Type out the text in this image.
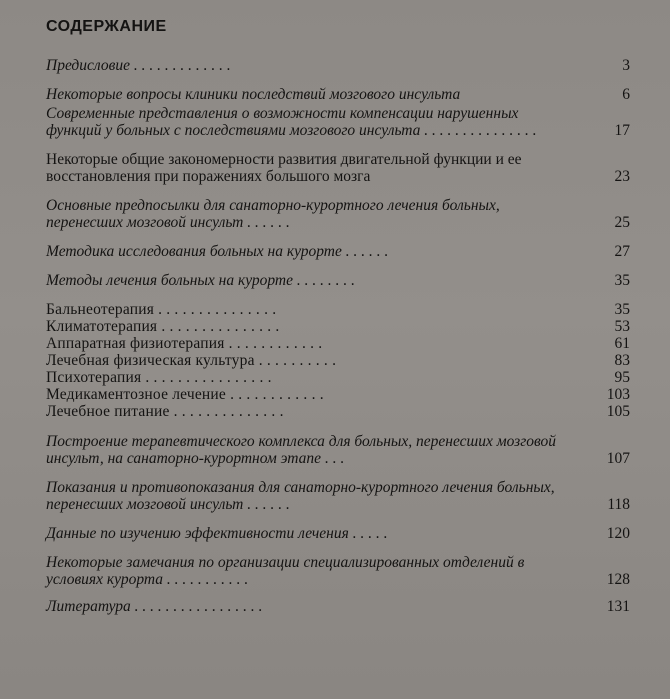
СОДЕРЖАНИЕ
Предисловие . . . . . . . . . . . . .	3
Некоторые вопросы клиники последствий мозгового инсульта	6
Современные представления о возможности компенсации нарушенных функций у больных с последствиями мозгового инсульта . . . . . . . . . . . . . . .	17
Некоторые общие закономерности развития двигательной функции и ее восстановления при поражениях большого мозга	23
Основные предпосылки для санаторно-курортного лечения больных, перенесших мозговой инсульт . . . . . .	25
Методика исследования больных на курорте . . . . . .	27
Методы лечения больных на курорте . . . . . . . .	35
Бальнеотерапия . . . . . . . . . . . . . . .	35
Климатотерапия . . . . . . . . . . . . . . .	53
Аппаратная физиотерапия . . . . . . . . . . . .	61
Лечебная физическая культура . . . . . . . . . .	83
Психотерапия . . . . . . . . . . . . . . . .	95
Медикаментозное лечение . . . . . . . . . . . .	103
Лечебное питание . . . . . . . . . . . . . .	105
Построение терапевтического комплекса для больных, перенесших мозговой инсульт, на санаторно-курортном этапе . . .	107
Показания и противопоказания для санаторно-курортного лечения больных, перенесших мозговой инсульт . . . . . .	118
Данные по изучению эффективности лечения . . . . .	120
Некоторые замечания по организации специализированных отделений в условиях курорта . . . . . . . . . . .	128
Литература . . . . . . . . . . . . . . . . .	131
